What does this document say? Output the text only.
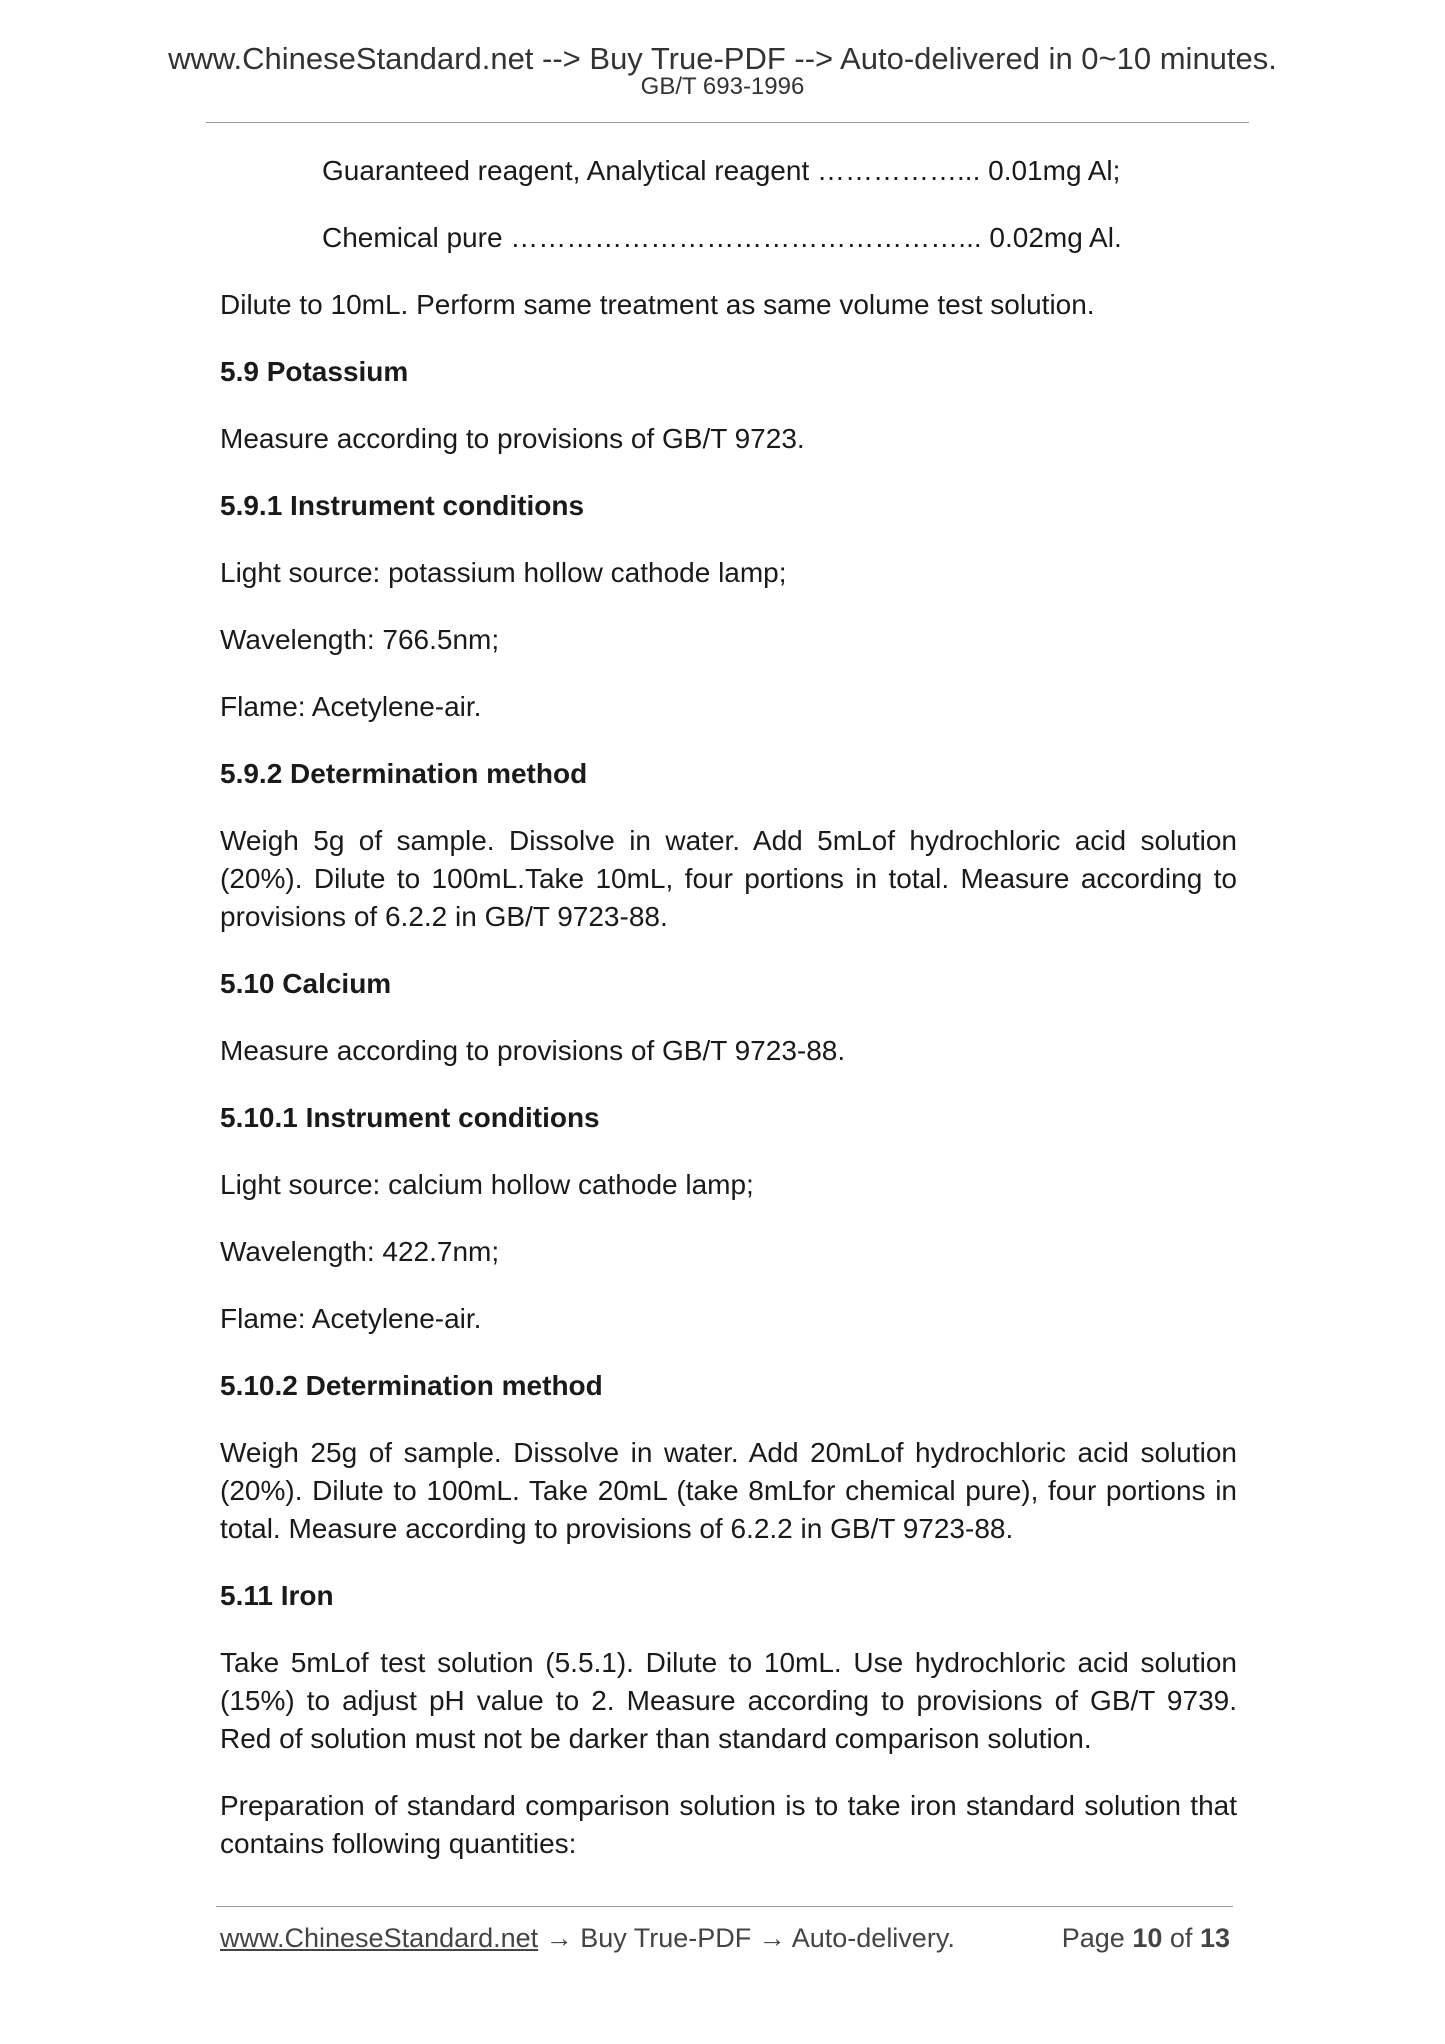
www.ChineseStandard.net --> Buy True-PDF --> Auto-delivered in 0~10 minutes.
GB/T 693-1996
Guaranteed reagent, Analytical reagent ……………... 0.01mg Al;
Chemical pure …………………………………………... 0.02mg Al.
Dilute to 10mL. Perform same treatment as same volume test solution.
5.9 Potassium
Measure according to provisions of GB/T 9723.
5.9.1 Instrument conditions
Light source: potassium hollow cathode lamp;
Wavelength: 766.5nm;
Flame: Acetylene-air.
5.9.2 Determination method
Weigh 5g of sample. Dissolve in water. Add 5mLof hydrochloric acid solution (20%). Dilute to 100mL.Take 10mL, four portions in total. Measure according to provisions of 6.2.2 in GB/T 9723-88.
5.10 Calcium
Measure according to provisions of GB/T 9723-88.
5.10.1 Instrument conditions
Light source: calcium hollow cathode lamp;
Wavelength: 422.7nm;
Flame: Acetylene-air.
5.10.2 Determination method
Weigh 25g of sample. Dissolve in water. Add 20mLof hydrochloric acid solution (20%). Dilute to 100mL. Take 20mL (take 8mLfor chemical pure), four portions in total. Measure according to provisions of 6.2.2 in GB/T 9723-88.
5.11 Iron
Take 5mLof test solution (5.5.1). Dilute to 10mL. Use hydrochloric acid solution (15%) to adjust pH value to 2. Measure according to provisions of GB/T 9739. Red of solution must not be darker than standard comparison solution.
Preparation of standard comparison solution is to take iron standard solution that contains following quantities:
www.ChineseStandard.net → Buy True-PDF → Auto-delivery.	Page 10 of 13
